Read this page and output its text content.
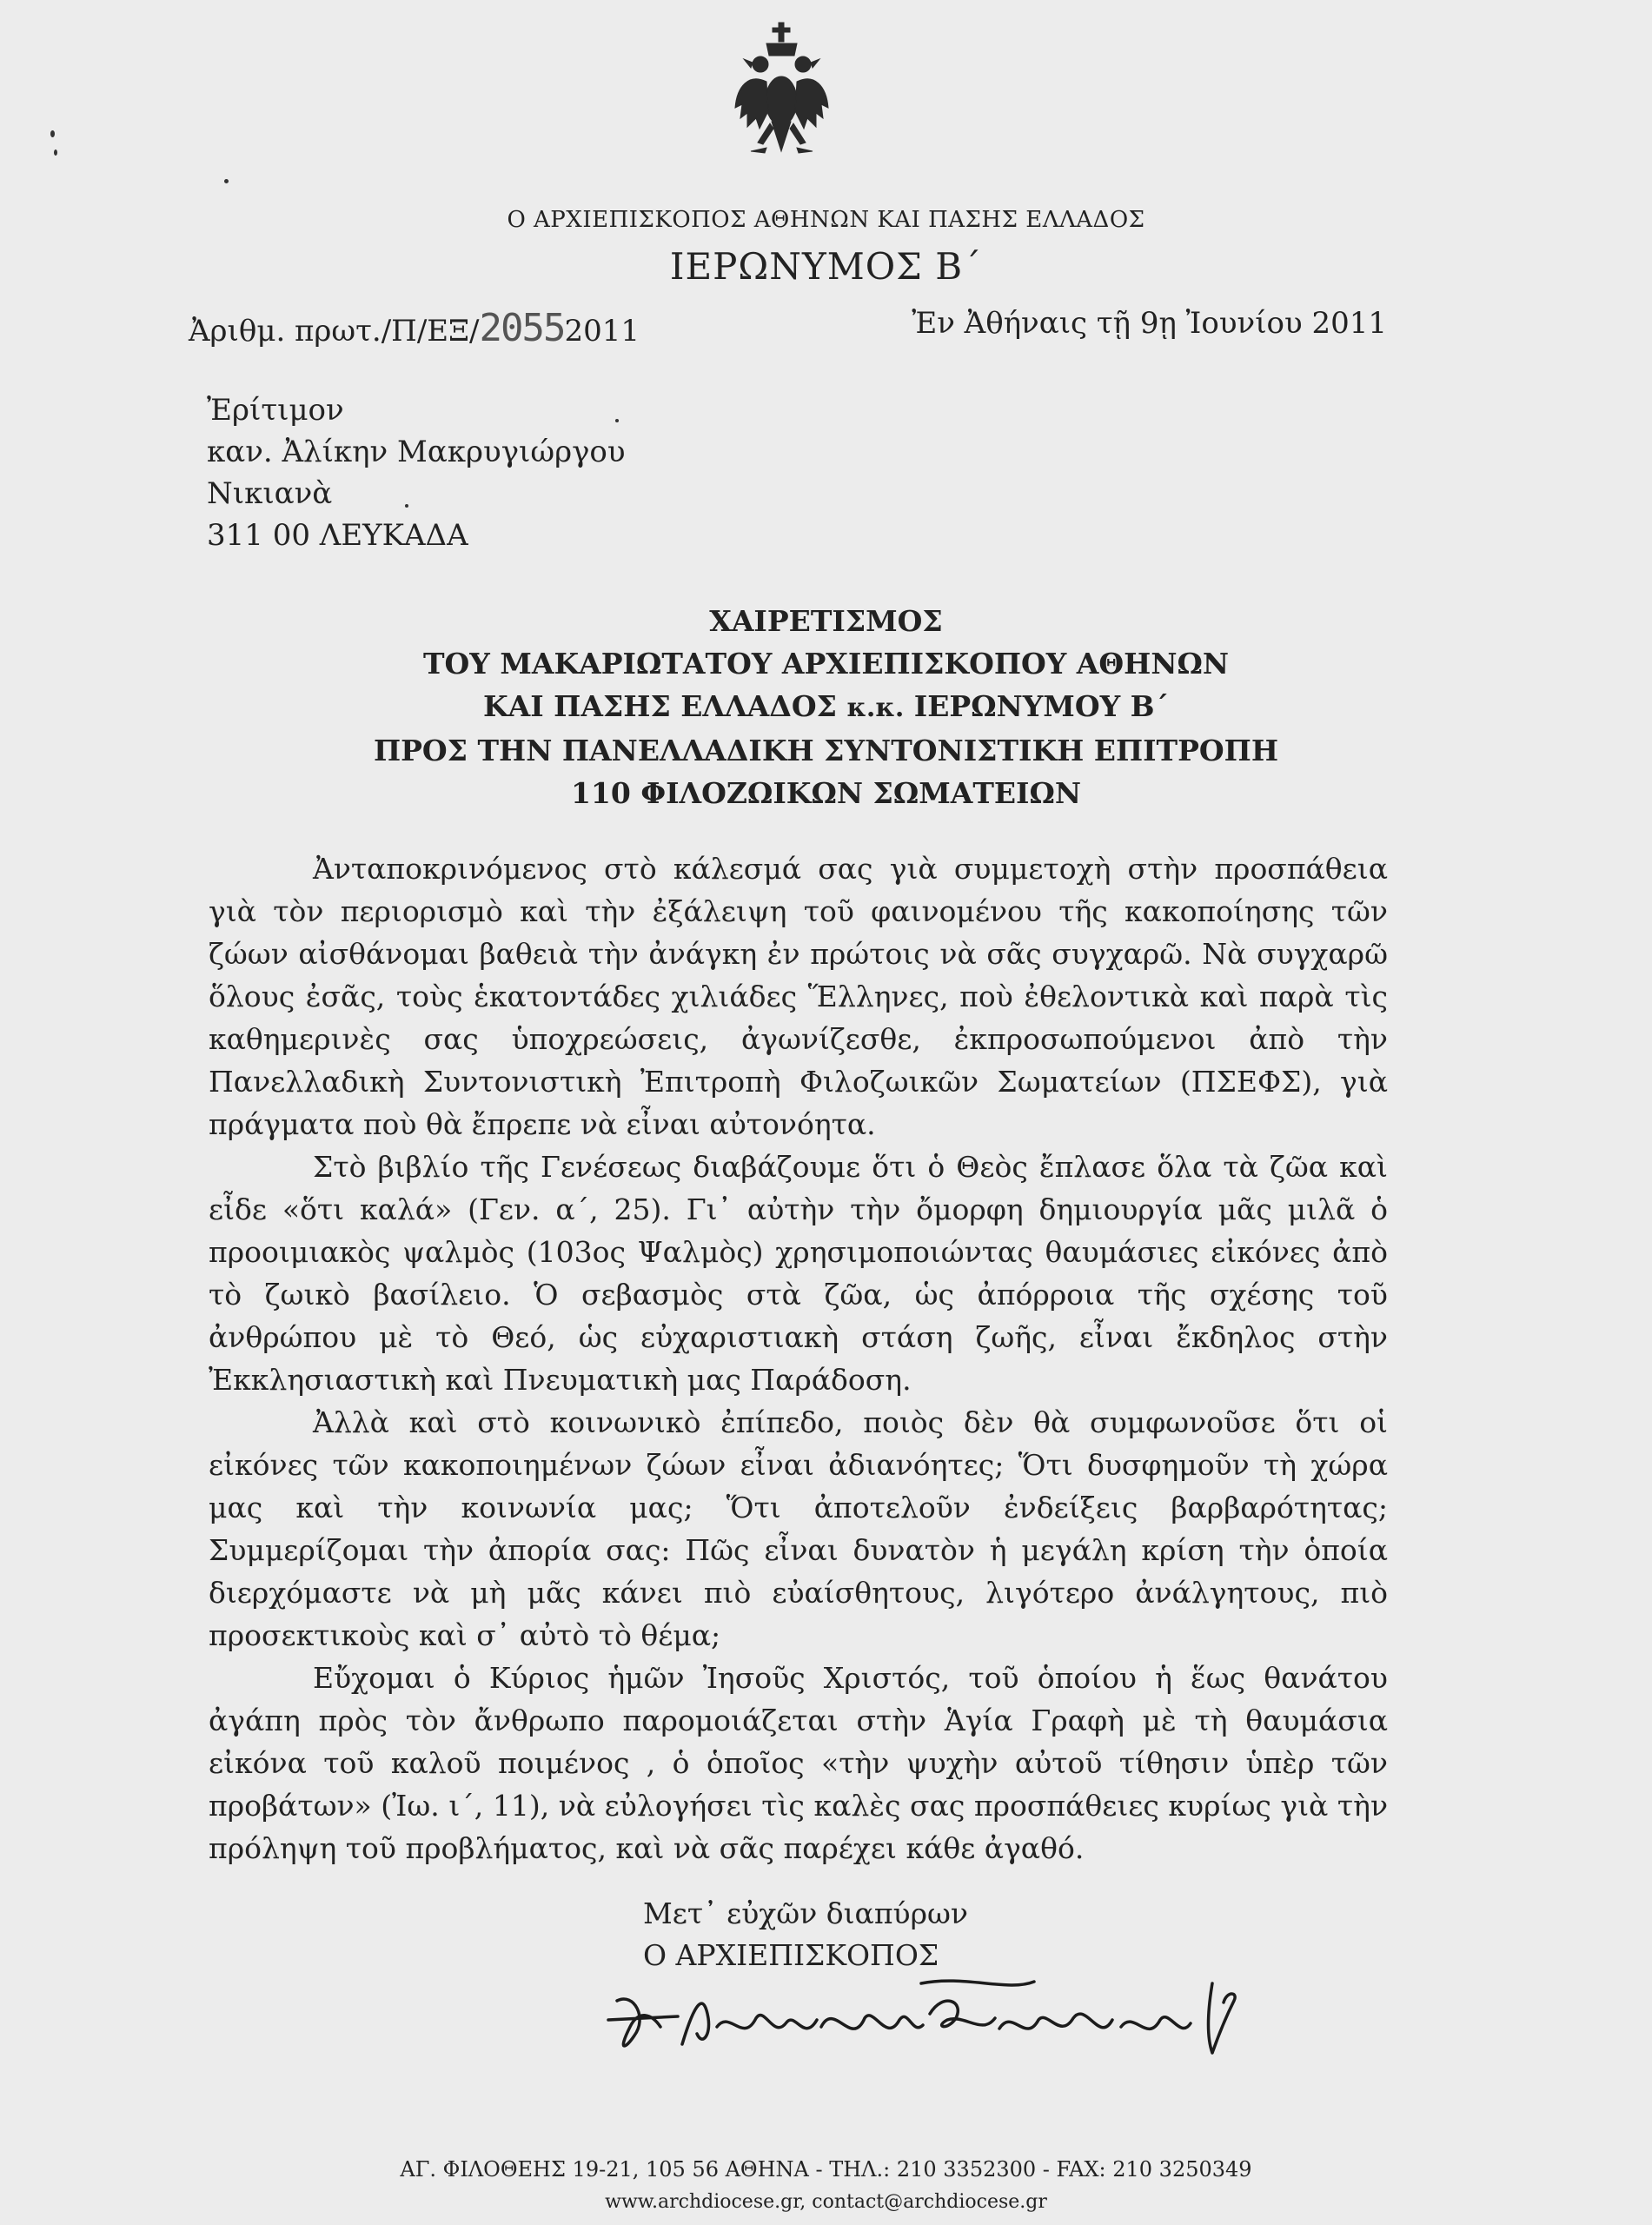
Ο ΑΡΧΙΕΠΙΣΚΟΠΟΣ ΑΘΗΝΩΝ ΚΑΙ ΠΑΣΗΣ ΕΛΛΑΔΟΣ
ΙΕΡΩΝΥΜΟΣ Β΄
Ἀριθμ. πρωτ./Π/ΕΞ/20552011	Ἐν Ἀθήναις τῇ 9ῃ Ἰουνίου 2011
Ἐρίτιμον
καν. Ἀλίκην Μακρυγιώργου
Νικιανὰ
311 00 ΛΕΥΚΑΔΑ
ΧΑΙΡΕΤΙΣΜΟΣ
ΤΟΥ ΜΑΚΑΡΙΩΤΑΤΟΥ ΑΡΧΙΕΠΙΣΚΟΠΟΥ ΑΘΗΝΩΝ
ΚΑΙ ΠΑΣΗΣ ΕΛΛΑΔΟΣ κ.κ. ΙΕΡΩΝΥΜΟΥ Β΄
ΠΡΟΣ ΤΗΝ ΠΑΝΕΛΛΑΔΙΚΗ ΣΥΝΤΟΝΙΣΤΙΚΗ ΕΠΙΤΡΟΠΗ
110 ΦΙΛΟΖΩΙΚΩΝ ΣΩΜΑΤΕΙΩΝ

Ἀνταποκρινόμενος στὸ κάλεσμά σας γιὰ συμμετοχὴ στὴν προσπάθεια γιὰ τὸν περιορισμὸ καὶ τὴν ἐξάλειψη τοῦ φαινομένου τῆς κακοποίησης τῶν ζώων αἰσθάνομαι βαθειὰ τὴν ἀνάγκη ἐν πρώτοις νὰ σᾶς συγχαρῶ. Νὰ συγχαρῶ ὅλους ἐσᾶς, τοὺς ἑκατοντάδες χιλιάδες Ἕλληνες, ποὺ ἐθελοντικὰ καὶ παρὰ τὶς καθημερινὲς σας ὑποχρεώσεις, ἀγωνίζεσθε, ἐκπροσωπούμενοι ἀπὸ τὴν Πανελλαδικὴ Συντονιστικὴ Ἐπιτροπὴ Φιλοζωικῶν Σωματείων (ΠΣΕΦΣ), γιὰ πράγματα ποὺ θὰ ἔπρεπε νὰ εἶναι αὐτονόητα.

Στὸ βιβλίο τῆς Γενέσεως διαβάζουμε ὅτι ὁ Θεὸς ἔπλασε ὅλα τὰ ζῶα καὶ εἶδε «ὅτι καλά» (Γεν. α΄, 25). Γι᾽ αὐτὴν τὴν ὄμορφη δημιουργία μᾶς μιλᾶ ὁ προοιμιακὸς ψαλμὸς (103ος Ψαλμὸς) χρησιμοποιώντας θαυμάσιες εἰκόνες ἀπὸ τὸ ζωικὸ βασίλειο. Ὁ σεβασμὸς στὰ ζῶα, ὡς ἀπόρροια τῆς σχέσης τοῦ ἀνθρώπου μὲ τὸ Θεό, ὡς εὐχαριστιακὴ στάση ζωῆς, εἶναι ἔκδηλος στὴν Ἐκκλησιαστικὴ καὶ Πνευματικὴ μας Παράδοση.

Ἀλλὰ καὶ στὸ κοινωνικὸ ἐπίπεδο, ποιὸς δὲν θὰ συμφωνοῦσε ὅτι οἱ εἰκόνες τῶν κακοποιημένων ζώων εἶναι ἀδιανόητες; Ὅτι δυσφημοῦν τὴ χώρα μας καὶ τὴν κοινωνία μας; Ὅτι ἀποτελοῦν ἐνδείξεις βαρβαρότητας; Συμμερίζομαι τὴν ἀπορία σας: Πῶς εἶναι δυνατὸν ἡ μεγάλη κρίση τὴν ὁποία διερχόμαστε νὰ μὴ μᾶς κάνει πιὸ εὐαίσθητους, λιγότερο ἀνάλγητους, πιὸ προσεκτικοὺς καὶ σ᾽ αὐτὸ τὸ θέμα;

Εὔχομαι ὁ Κύριος ἡμῶν Ἰησοῦς Χριστός, τοῦ ὁποίου ἡ ἕως θανάτου ἀγάπη πρὸς τὸν ἄνθρωπο παρομοιάζεται στὴν Ἁγία Γραφὴ μὲ τὴ θαυμάσια εἰκόνα τοῦ καλοῦ ποιμένος , ὁ ὁποῖος «τὴν ψυχὴν αὐτοῦ τίθησιν ὑπὲρ τῶν προβάτων» (Ἰω. ι΄, 11), νὰ εὐλογήσει τὶς καλὲς σας προσπάθειες κυρίως γιὰ τὴν πρόληψη τοῦ προβλήματος, καὶ νὰ σᾶς παρέχει κάθε ἀγαθό.

Μετ᾽ εὐχῶν διαπύρων
Ο ΑΡΧΙΕΠΙΣΚΟΠΟΣ
ΑΓ. ΦΙΛΟΘΕΗΣ 19-21, 105 56 ΑΘΗΝΑ - ΤΗΛ.: 210 3352300 - FAX: 210 3250349
www.archdiocese.gr, contact@archdiocese.gr
